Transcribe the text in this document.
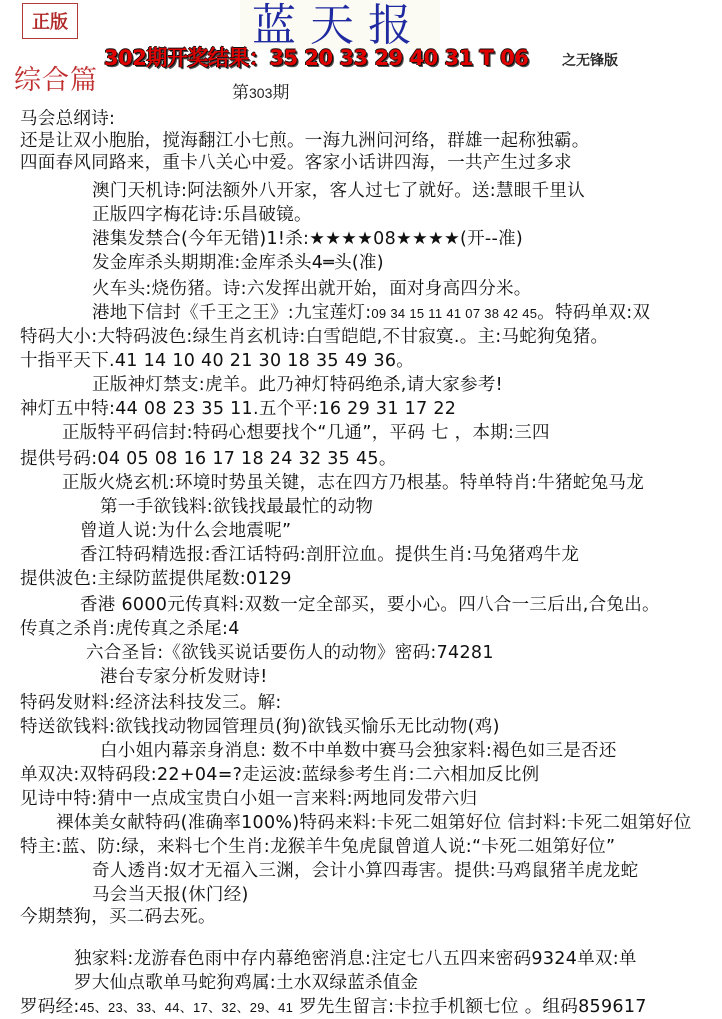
正版	蓝天报
综合篇
302期开奖结果：35 20 33 29 40 31 T 06 之无锋版
第303期
马会总纲诗:
还是让双小胞胎，搅海翻江小七煎。一海九洲问河络，群雄一起称独霸。
四面春风同路来，重卡八关心中爱。客家小话讲四海，一共产生过多求
澳门天机诗:阿法额外八开家，客人过七了就好。送:慧眼千里认
正版四字梅花诗:乐昌破镜。
港集发禁合(今年无错)1!杀:★★★★08★★★★(开--准)
发金库杀头期期准:金库杀头4═头(准)
火车头:烧伤猪。诗:六发挥出就开始，面对身高四分米。
港地下信封《千王之王》:九宝莲灯:09 34 15 11 41 07 38 42 45。特码单双:双
特码大小:大特码波色:绿生肖玄机诗:白雪皑皑,不甘寂寞.。主:马蛇狗兔猪。
十指平天下.41 14 10 40 21 30 18 35 49 36。
正版神灯禁支:虎羊。此乃神灯特码绝杀,请大家参考!
神灯五中特:44 08 23 35 11.五个平:16 29 31 17 22
正版特平码信封:特码心想要找个“几通”，平码 七 ，本期:三四
提供号码:04 05 08 16 17 18 24 32 35 45。
正版火烧玄机:环境时势虽关键，志在四方乃根基。特单特肖:牛猪蛇兔马龙
第一手欲钱料:欲钱找最最忙的动物
曾道人说:为什么会地震呢”
香江特码精选报:香江话特码:剖肝泣血。提供生肖:马兔猪鸡牛龙
提供波色:主绿防蓝提供尾数:0129
香港 6000元传真料:双数一定全部买，要小心。四八合一三后出,合兔出。
传真之杀肖:虎传真之杀尾:4
六合圣旨:《欲钱买说话要伤人的动物》密码:74281
港台专家分析发财诗!
特码发财料:经济法科技发三。解:
特送欲钱料:欲钱找动物园管理员(狗)欲钱买愉乐无比动物(鸡)
白小姐内幕亲身消息: 数不中单数中赛马会独家料:褐色如三是否还
单双决:双特码段:22+04=?走运波:蓝绿参考生肖:二六相加反比例
见诗中特:猜中一点成宝贵白小姐一言来料:两地同发带六归
裸体美女献特码(准确率100%)特码来料:卡死二姐第好位 信封料:卡死二姐第好位
特主:蓝、防:绿，来料七个生肖:龙猴羊牛兔虎鼠曾道人说:“卡死二姐第好位”
奇人透肖:奴才无福入三渊，会计小算四毒害。提供:马鸡鼠猪羊虎龙蛇
马会当天报(休门经)
今期禁狗，买二码去死。
独家料:龙游春色雨中存内幕绝密消息:注定七八五四来密码9324单双:单
罗大仙点歌单马蛇狗鸡属:土水双绿蓝杀值金
罗码经:45、23、33、44、17、32、29、41 罗先生留言:卡拉手机额七位 。组码859617
